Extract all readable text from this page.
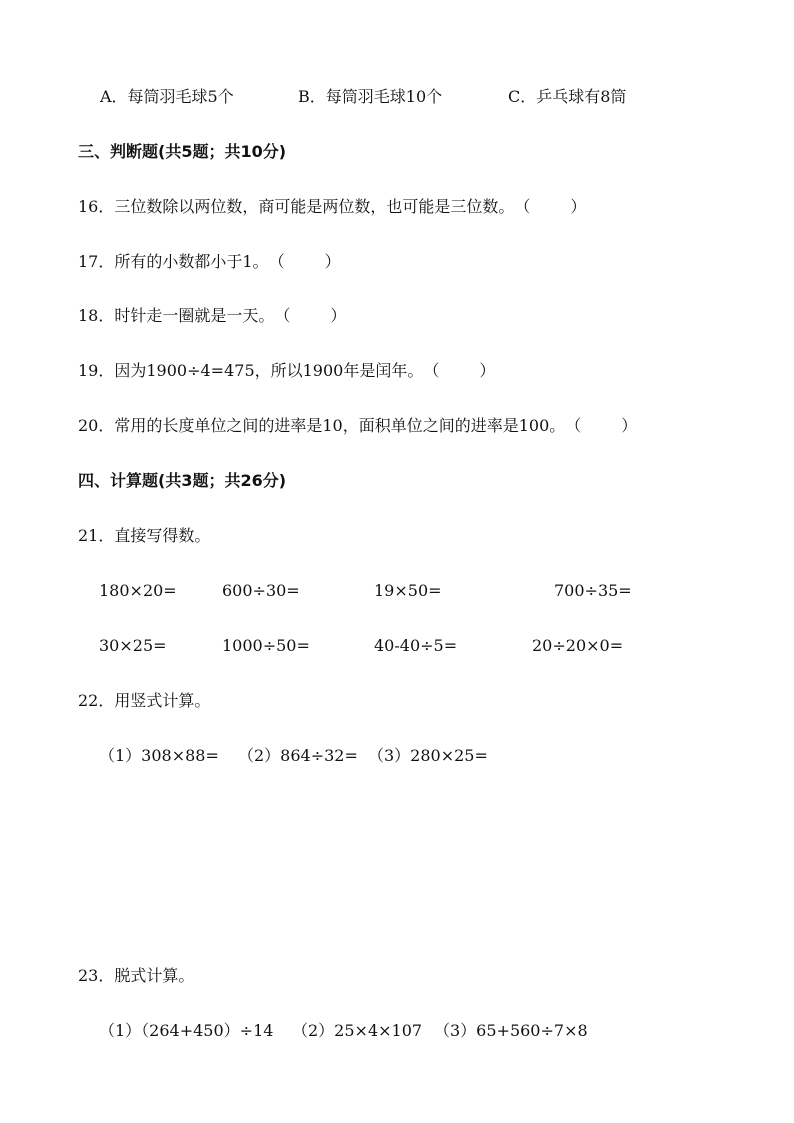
A．每筒羽毛球5个	B．每筒羽毛球10个	C．乒乓球有8筒
三、判断题(共5题；共10分)
16．三位数除以两位数，商可能是两位数，也可能是三位数。（	）
17．所有的小数都小于1。（	）
18．时针走一圈就是一天。（	）
19．因为1900÷4=475，所以1900年是闰年。（	）
20．常用的长度单位之间的进率是10，面积单位之间的进率是100。（	）
四、计算题(共3题；共26分)
21．直接写得数。
180×20=	600÷30=	19×50=	700÷35=
30×25=	1000÷50=	40-40÷5=	20÷20×0=
22．用竖式计算。
（1）308×88= （2）864÷32= （3）280×25=
23．脱式计算。
（1）（264+450）÷14 （2）25×4×107 （3）65+560÷7×8
